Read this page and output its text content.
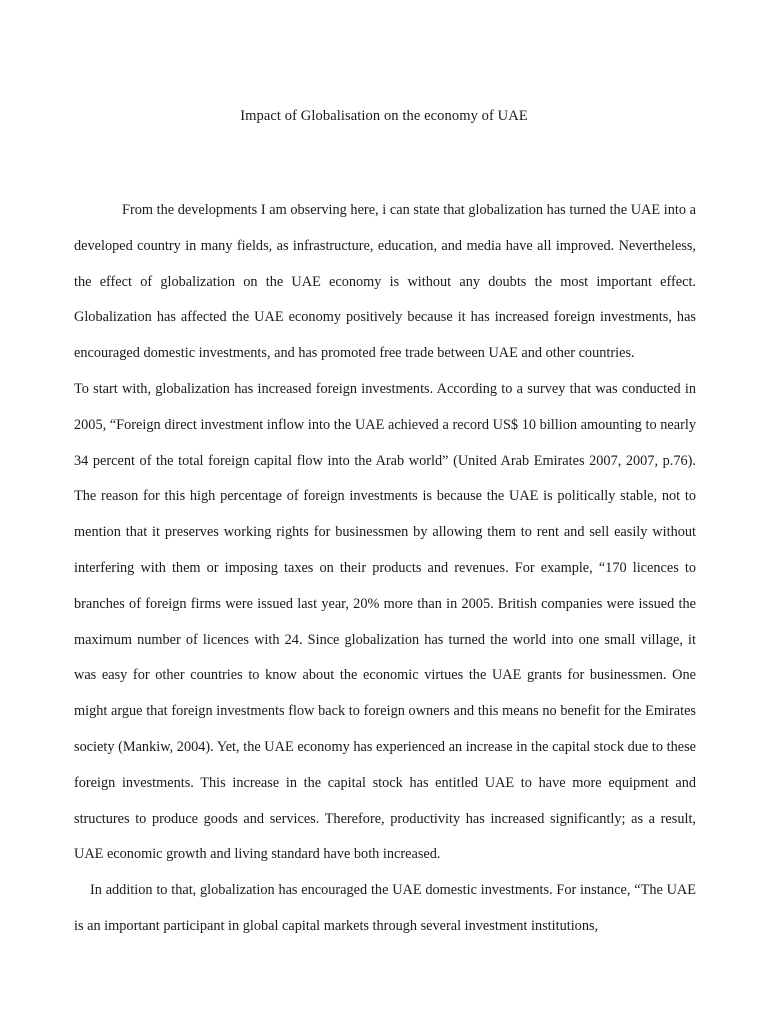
Impact of Globalisation on the economy of UAE

From the developments I am observing here, i can state that globalization has turned the UAE into a developed country in many fields, as infrastructure, education, and media have all improved. Nevertheless, the effect of globalization on the UAE economy is without any doubts the most important effect. Globalization has affected the UAE economy positively because it has increased foreign investments, has encouraged domestic investments, and has promoted free trade between UAE and other countries.

To start with, globalization has increased foreign investments. According to a survey that was conducted in 2005, “Foreign direct investment inflow into the UAE achieved a record US$ 10 billion amounting to nearly 34 percent of the total foreign capital flow into the Arab world” (United Arab Emirates 2007, 2007, p.76). The reason for this high percentage of foreign investments is because the UAE is politically stable, not to mention that it preserves working rights for businessmen by allowing them to rent and sell easily without interfering with them or imposing taxes on their products and revenues. For example, “170 licences to branches of foreign firms were issued last year, 20% more than in 2005. British companies were issued the maximum number of licences with 24. Since globalization has turned the world into one small village, it was easy for other countries to know about the economic virtues the UAE grants for businessmen. One might argue that foreign investments flow back to foreign owners and this means no benefit for the Emirates society (Mankiw, 2004). Yet, the UAE economy has experienced an increase in the capital stock due to these foreign investments. This increase in the capital stock has entitled UAE to have more equipment and structures to produce goods and services. Therefore, productivity has increased significantly; as a result, UAE economic growth and living standard have both increased.

In addition to that, globalization has encouraged the UAE domestic investments. For instance, “The UAE is an important participant in global capital markets through several investment institutions,
